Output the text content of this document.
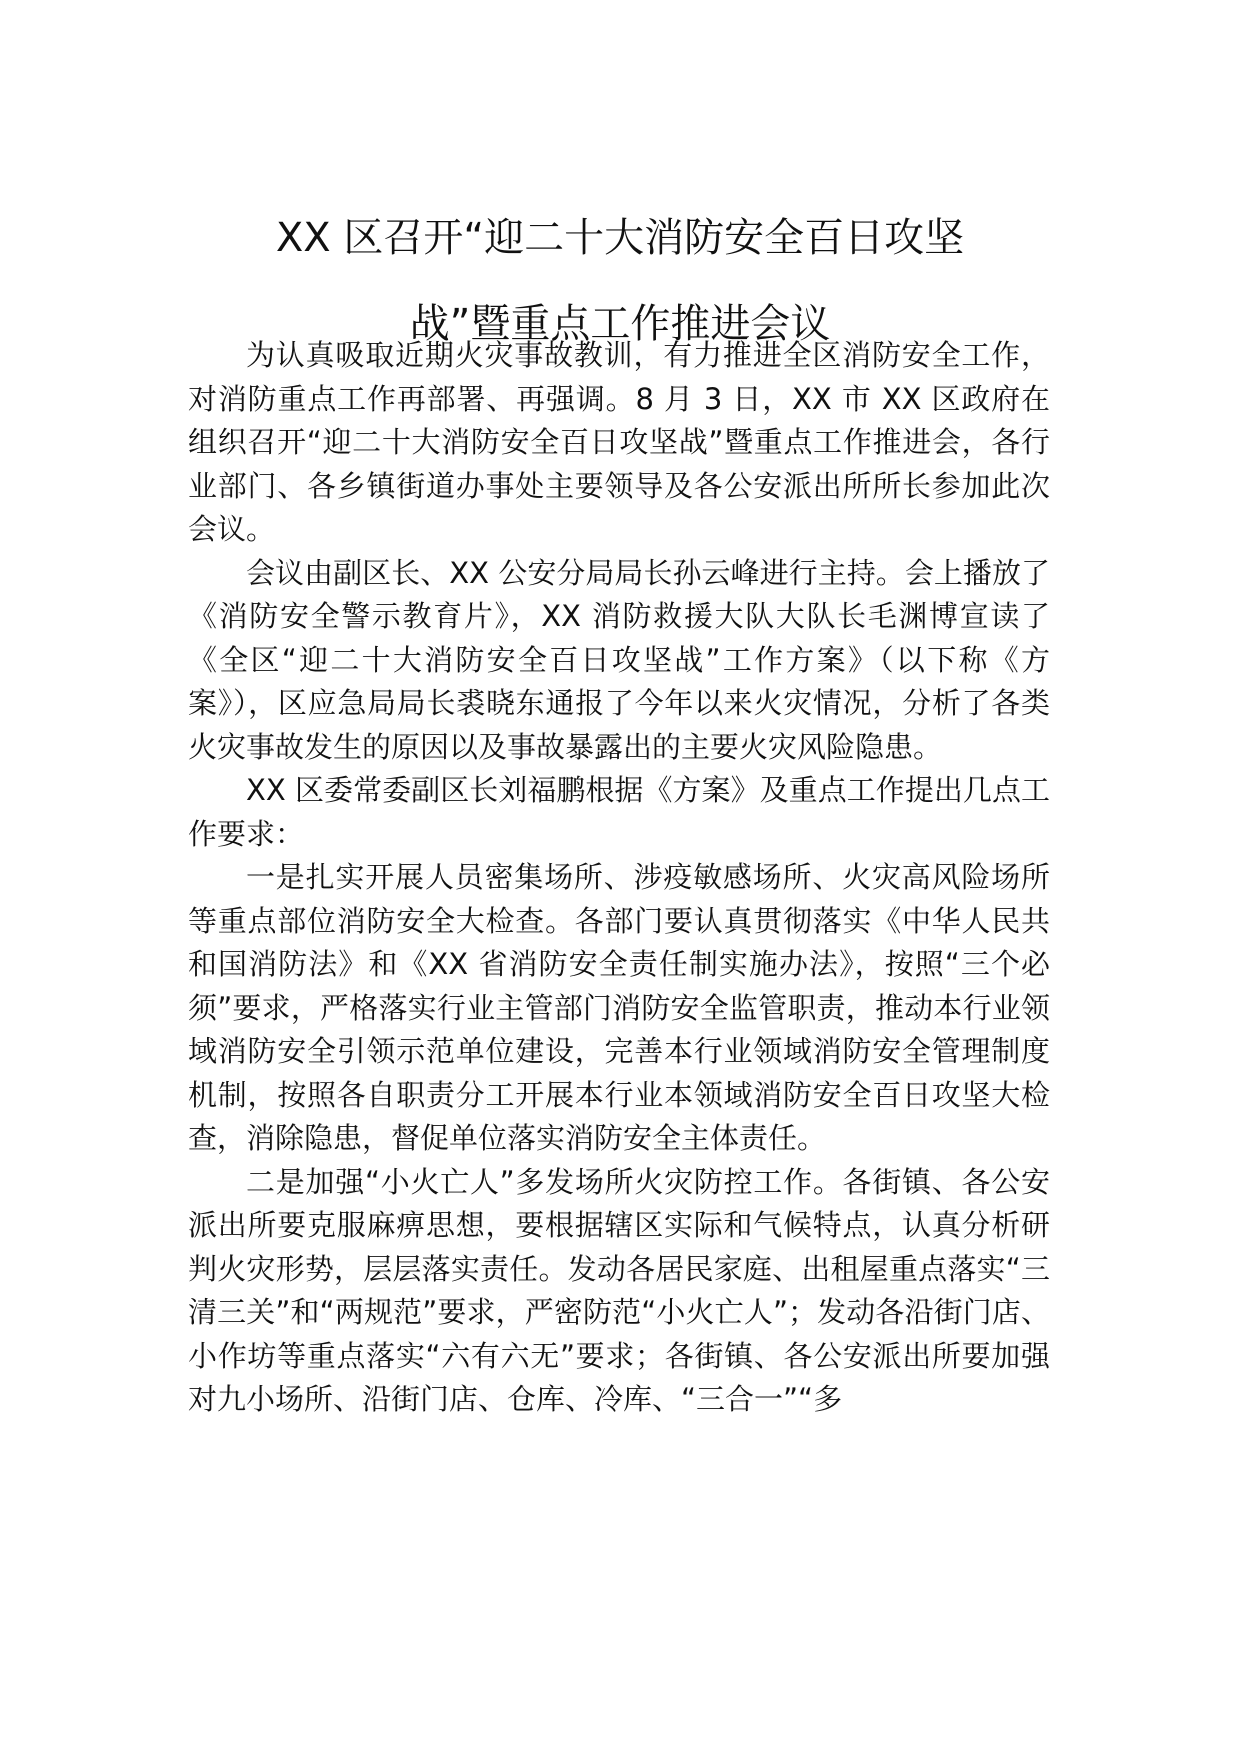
XX 区召开“迎二十大消防安全百日攻坚
战”暨重点工作推进会议

为认真吸取近期火灾事故教训，有力推进全区消防安全工作，对消防重点工作再部署、再强调。8 月 3 日，XX 市 XX 区政府在组织召开“迎二十大消防安全百日攻坚战”暨重点工作推进会，各行业部门、各乡镇街道办事处主要领导及各公安派出所所长参加此次会议。

会议由副区长、XX 公安分局局长孙云峰进行主持。会上播放了《消防安全警示教育片》，XX 消防救援大队大队长毛渊博宣读了《全区“迎二十大消防安全百日攻坚战”工作方案》（以下称《方案》），区应急局局长裘晓东通报了今年以来火灾情况，分析了各类火灾事故发生的原因以及事故暴露出的主要火灾风险隐患。

XX 区委常委副区长刘福鹏根据《方案》及重点工作提出几点工作要求：

一是扎实开展人员密集场所、涉疫敏感场所、火灾高风险场所等重点部位消防安全大检查。各部门要认真贯彻落实《中华人民共和国消防法》和《XX 省消防安全责任制实施办法》，按照“三个必须”要求，严格落实行业主管部门消防安全监管职责，推动本行业领域消防安全引领示范单位建设，完善本行业领域消防安全管理制度机制，按照各自职责分工开展本行业本领域消防安全百日攻坚大检查，消除隐患，督促单位落实消防安全主体责任。

二是加强“小火亡人”多发场所火灾防控工作。各街镇、各公安派出所要克服麻痹思想，要根据辖区实际和气候特点，认真分析研判火灾形势，层层落实责任。发动各居民家庭、出租屋重点落实“三清三关”和“两规范”要求，严密防范“小火亡人”；发动各沿街门店、小作坊等重点落实“六有六无”要求；各街镇、各公安派出所要加强对九小场所、沿街门店、仓库、冷库、“三合一”“多
